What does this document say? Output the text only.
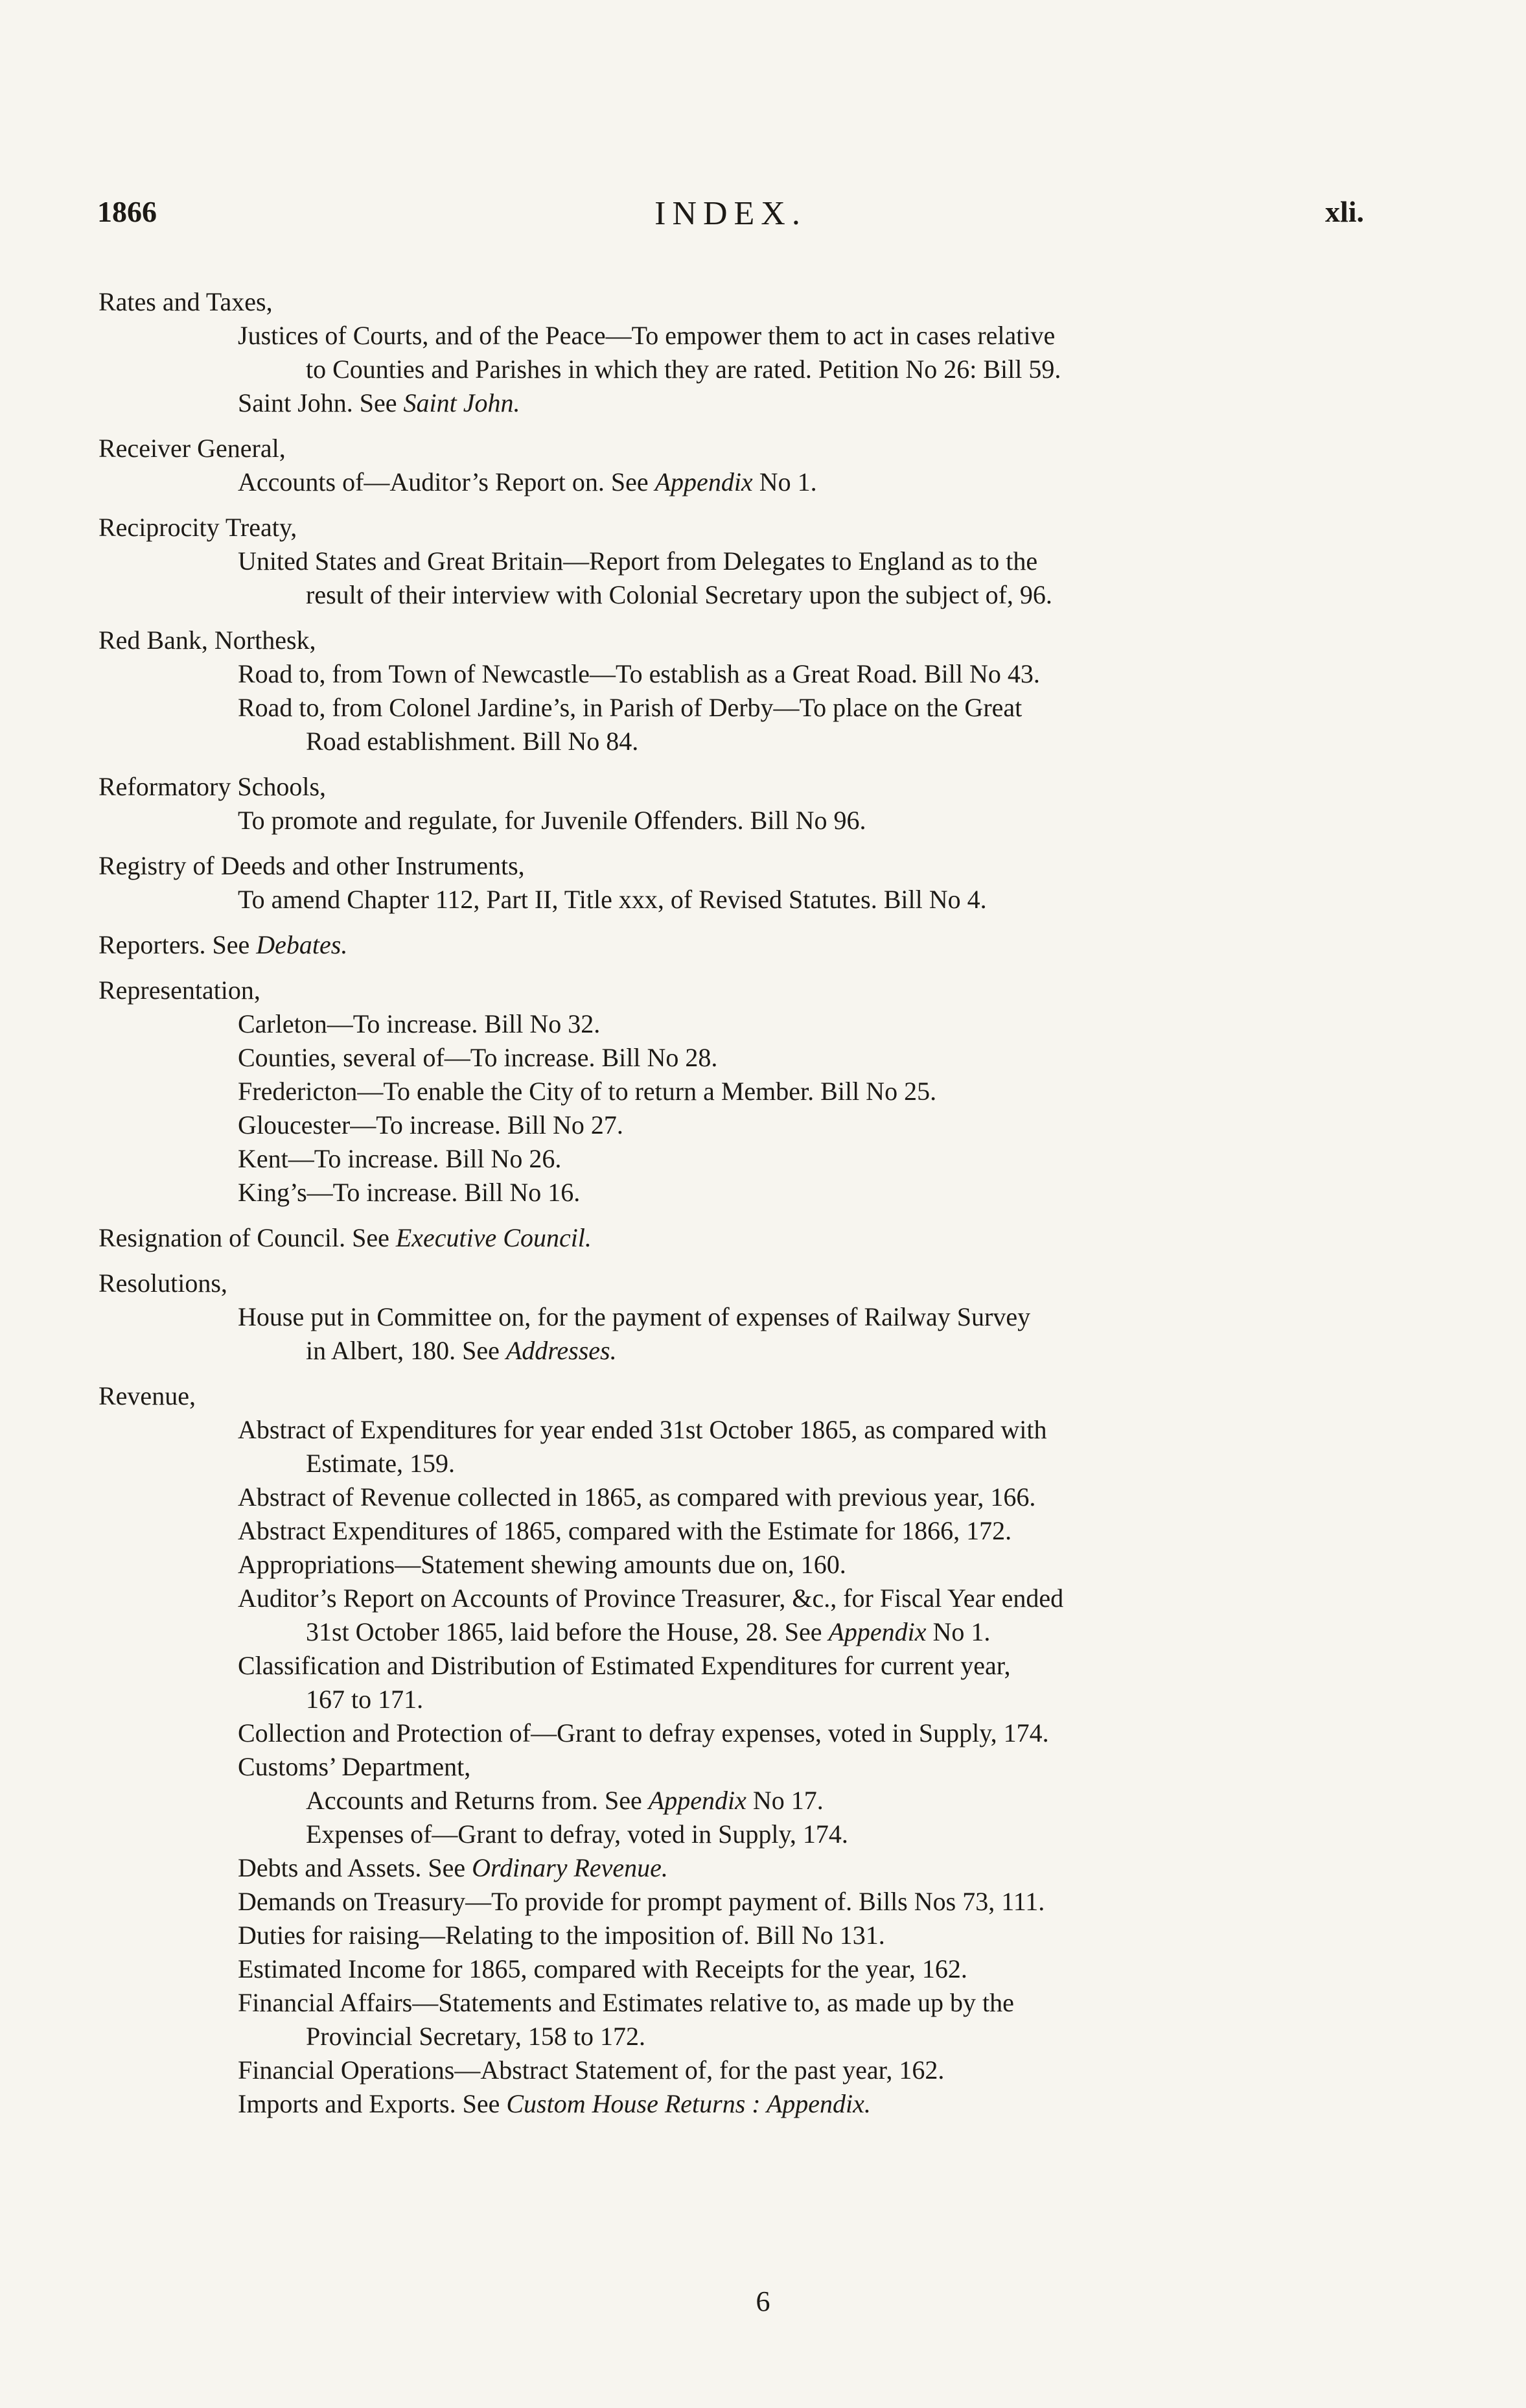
1866	INDEX.	xli.
Rates and Taxes,
Justices of Courts, and of the Peace—To empower them to act in cases relative
to Counties and Parishes in which they are rated. Petition No 26: Bill 59.
Saint John. See Saint John.
Receiver General,
Accounts of—Auditor’s Report on. See Appendix No 1.
Reciprocity Treaty,
United States and Great Britain—Report from Delegates to England as to the
result of their interview with Colonial Secretary upon the subject of, 96.
Red Bank, Northesk,
Road to, from Town of Newcastle—To establish as a Great Road. Bill No 43.
Road to, from Colonel Jardine’s, in Parish of Derby—To place on the Great
Road establishment. Bill No 84.
Reformatory Schools,
To promote and regulate, for Juvenile Offenders. Bill No 96.
Registry of Deeds and other Instruments,
To amend Chapter 112, Part II, Title xxx, of Revised Statutes. Bill No 4.
Reporters. See Debates.
Representation,
Carleton—To increase. Bill No 32.
Counties, several of—To increase. Bill No 28.
Fredericton—To enable the City of to return a Member. Bill No 25.
Gloucester—To increase. Bill No 27.
Kent—To increase. Bill No 26.
King’s—To increase. Bill No 16.
Resignation of Council. See Executive Council.
Resolutions,
House put in Committee on, for the payment of expenses of Railway Survey
in Albert, 180. See Addresses.
Revenue,
Abstract of Expenditures for year ended 31st October 1865, as compared with
Estimate, 159.
Abstract of Revenue collected in 1865, as compared with previous year, 166.
Abstract Expenditures of 1865, compared with the Estimate for 1866, 172.
Appropriations—Statement shewing amounts due on, 160.
Auditor’s Report on Accounts of Province Treasurer, &c., for Fiscal Year ended
31st October 1865, laid before the House, 28. See Appendix No 1.
Classification and Distribution of Estimated Expenditures for current year,
167 to 171.
Collection and Protection of—Grant to defray expenses, voted in Supply, 174.
Customs’ Department,
Accounts and Returns from. See Appendix No 17.
Expenses of—Grant to defray, voted in Supply, 174.
Debts and Assets. See Ordinary Revenue.
Demands on Treasury—To provide for prompt payment of. Bills Nos 73, 111.
Duties for raising—Relating to the imposition of. Bill No 131.
Estimated Income for 1865, compared with Receipts for the year, 162.
Financial Affairs—Statements and Estimates relative to, as made up by the
Provincial Secretary, 158 to 172.
Financial Operations—Abstract Statement of, for the past year, 162.
Imports and Exports. See Custom House Returns : Appendix.
6
